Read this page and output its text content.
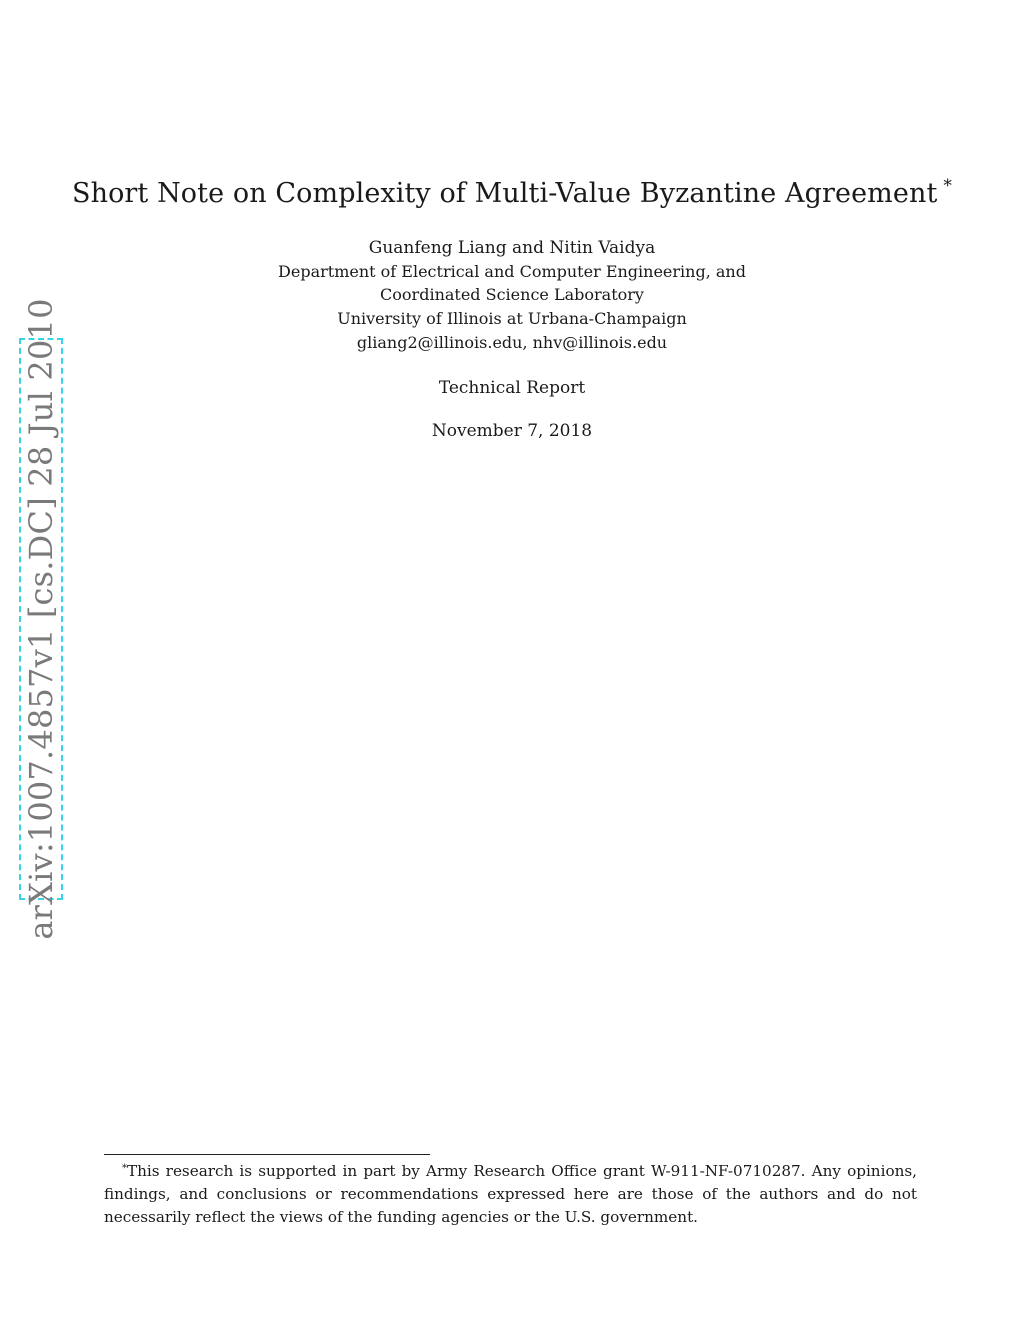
Short Note on Complexity of Multi-Value Byzantine Agreement *
Guanfeng Liang and Nitin Vaidya
Department of Electrical and Computer Engineering, and
Coordinated Science Laboratory
University of Illinois at Urbana-Champaign
gliang2@illinois.edu, nhv@illinois.edu
Technical Report
November 7, 2018
arXiv:1007.4857v1 [cs.DC] 28 Jul 2010
*This research is supported in part by Army Research Office grant W-911-NF-0710287. Any opinions, findings, and conclusions or recommendations expressed here are those of the authors and do not necessarily reflect the views of the funding agencies or the U.S. government.
